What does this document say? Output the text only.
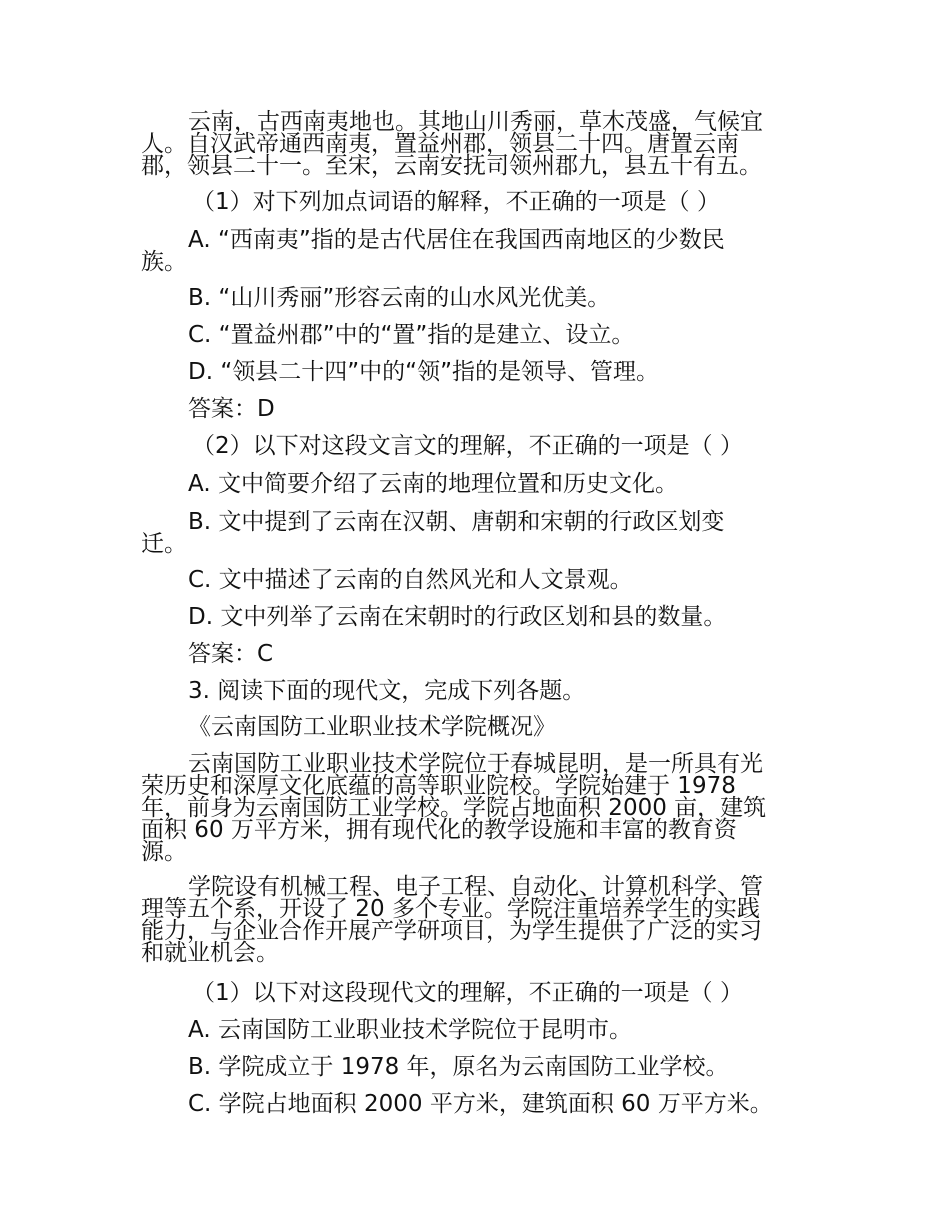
云南，古西南夷地也。其地山川秀丽，草木茂盛，气候宜
人。自汉武帝通西南夷，置益州郡，领县二十四。唐置云南
郡，领县二十一。至宋，云南安抚司领州郡九，县五十有五。
（1）对下列加点词语的解释，不正确的一项是（ ）
A. “西南夷”指的是古代居住在我国西南地区的少数民
族。
B. “山川秀丽”形容云南的山水风光优美。
C. “置益州郡”中的“置”指的是建立、设立。
D. “领县二十四”中的“领”指的是领导、管理。
答案：D
（2）以下对这段文言文的理解，不正确的一项是（ ）
A. 文中简要介绍了云南的地理位置和历史文化。
B. 文中提到了云南在汉朝、唐朝和宋朝的行政区划变
迁。
C. 文中描述了云南的自然风光和人文景观。
D. 文中列举了云南在宋朝时的行政区划和县的数量。
答案：C
3. 阅读下面的现代文，完成下列各题。
《云南国防工业职业技术学院概况》
云南国防工业职业技术学院位于春城昆明，是一所具有光
荣历史和深厚文化底蕴的高等职业院校。学院始建于 1978
年，前身为云南国防工业学校。学院占地面积 2000 亩，建筑
面积 60 万平方米，拥有现代化的教学设施和丰富的教育资
源。
学院设有机械工程、电子工程、自动化、计算机科学、管
理等五个系，开设了 20 多个专业。学院注重培养学生的实践
能力，与企业合作开展产学研项目，为学生提供了广泛的实习
和就业机会。
（1）以下对这段现代文的理解，不正确的一项是（ ）
A. 云南国防工业职业技术学院位于昆明市。
B. 学院成立于 1978 年，原名为云南国防工业学校。
C. 学院占地面积 2000 平方米，建筑面积 60 万平方米。
